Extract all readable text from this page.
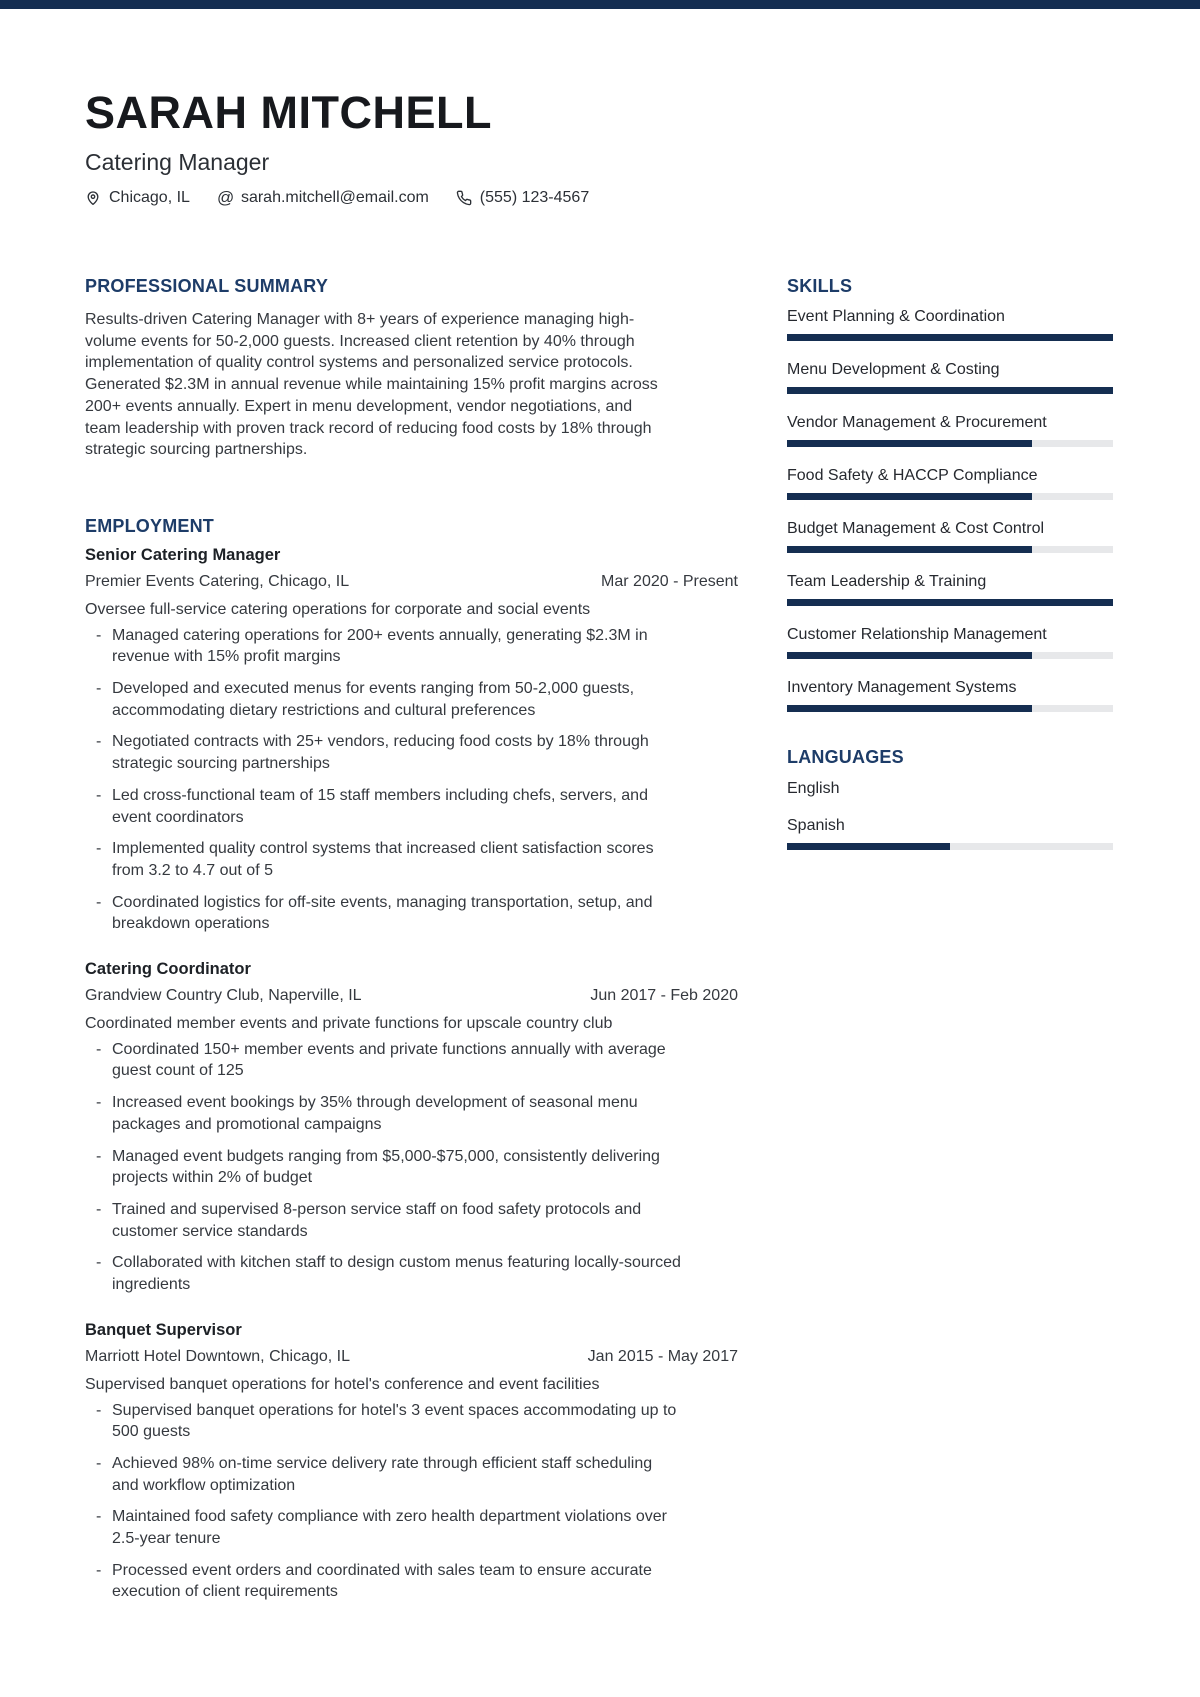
SARAH MITCHELL
Catering Manager
Chicago, IL @ sarah.mitchell@email.com	(555) 123-4567
PROFESSIONAL SUMMARY

Results-driven Catering Manager with 8+ years of experience managing high-volume events for 50-2,000 guests. Increased client retention by 40% through implementation of quality control systems and personalized service protocols. Generated $2.3M in annual revenue while maintaining 15% profit margins across 200+ events annually. Expert in menu development, vendor negotiations, and team leadership with proven track record of reducing food costs by 18% through strategic sourcing partnerships.

EMPLOYMENT
Senior Catering Manager
Premier Events Catering, Chicago, IL	Mar 2020 - Present
Oversee full-service catering operations for corporate and social events
-
Managed catering operations for 200+ events annually, generating $2.3M in revenue with 15% profit margins
-
Developed and executed menus for events ranging from 50-2,000 guests, accommodating dietary restrictions and cultural preferences
-
Negotiated contracts with 25+ vendors, reducing food costs by 18% through strategic sourcing partnerships
-
Led cross-functional team of 15 staff members including chefs, servers, and event coordinators
-
Implemented quality control systems that increased client satisfaction scores from 3.2 to 4.7 out of 5
-
Coordinated logistics for off-site events, managing transportation, setup, and breakdown operations
Catering Coordinator
Grandview Country Club, Naperville, IL	Jun 2017 - Feb 2020
Coordinated member events and private functions for upscale country club
-
Coordinated 150+ member events and private functions annually with average guest count of 125
-
Increased event bookings by 35% through development of seasonal menu packages and promotional campaigns
-
Managed event budgets ranging from $5,000-$75,000, consistently delivering projects within 2% of budget
-
Trained and supervised 8-person service staff on food safety protocols and customer service standards
-
Collaborated with kitchen staff to design custom menus featuring locally-sourced ingredients
Banquet Supervisor
Marriott Hotel Downtown, Chicago, IL	Jan 2015 - May 2017
Supervised banquet operations for hotel's conference and event facilities
-
Supervised banquet operations for hotel's 3 event spaces accommodating up to 500 guests
-
Achieved 98% on-time service delivery rate through efficient staff scheduling and workflow optimization
-
Maintained food safety compliance with zero health department violations over 2.5-year tenure
-
Processed event orders and coordinated with sales team to ensure accurate execution of client requirements
SKILLS
Event Planning & Coordination
Menu Development & Costing
Vendor Management & Procurement
Food Safety & HACCP Compliance
Budget Management & Cost Control
Team Leadership & Training
Customer Relationship Management
Inventory Management Systems
LANGUAGES
English
Spanish
